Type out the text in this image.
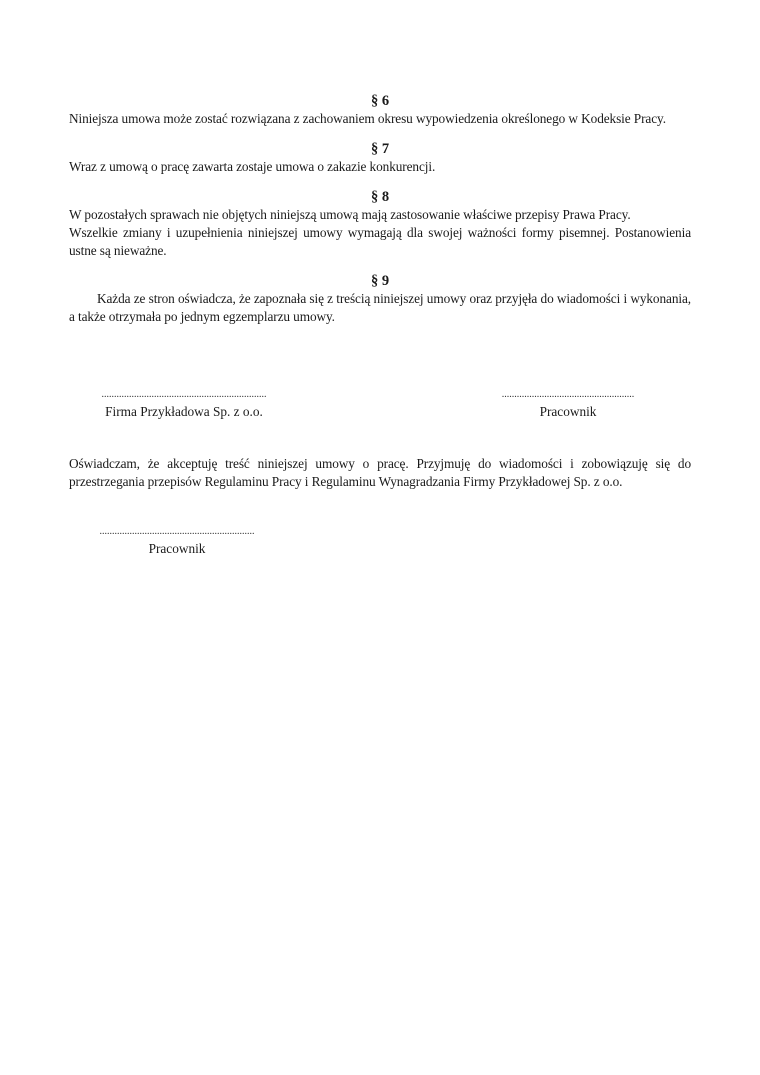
§ 6

Niniejsza umowa może zostać rozwiązana z zachowaniem okresu wypowiedzenia określonego w Kodeksie Pracy.

§ 7

Wraz z umową o pracę zawarta zostaje umowa o zakazie konkurencji.

§ 8

W pozostałych sprawach nie objętych niniejszą umową mają zastosowanie właściwe przepisy Prawa Pracy.

Wszelkie zmiany i uzupełnienia niniejszej umowy wymagają dla swojej ważności formy pisemnej. Postanowienia ustne są nieważne.

§ 9

Każda ze stron oświadcza, że zapoznała się z treścią niniejszej umowy oraz przyjęła do wiadomości i wykonania, a także otrzymała po jednym egzemplarzu umowy.

..................................................................
Firma Przykładowa Sp. z o.o.
.....................................................
Pracownik

Oświadczam, że akceptuję treść niniejszej umowy o pracę. Przyjmuję do wiadomości i zobowiązuję się do przestrzegania przepisów Regulaminu Pracy i Regulaminu Wynagradzania Firmy Przykładowej Sp. z o.o.

..............................................................
Pracownik
